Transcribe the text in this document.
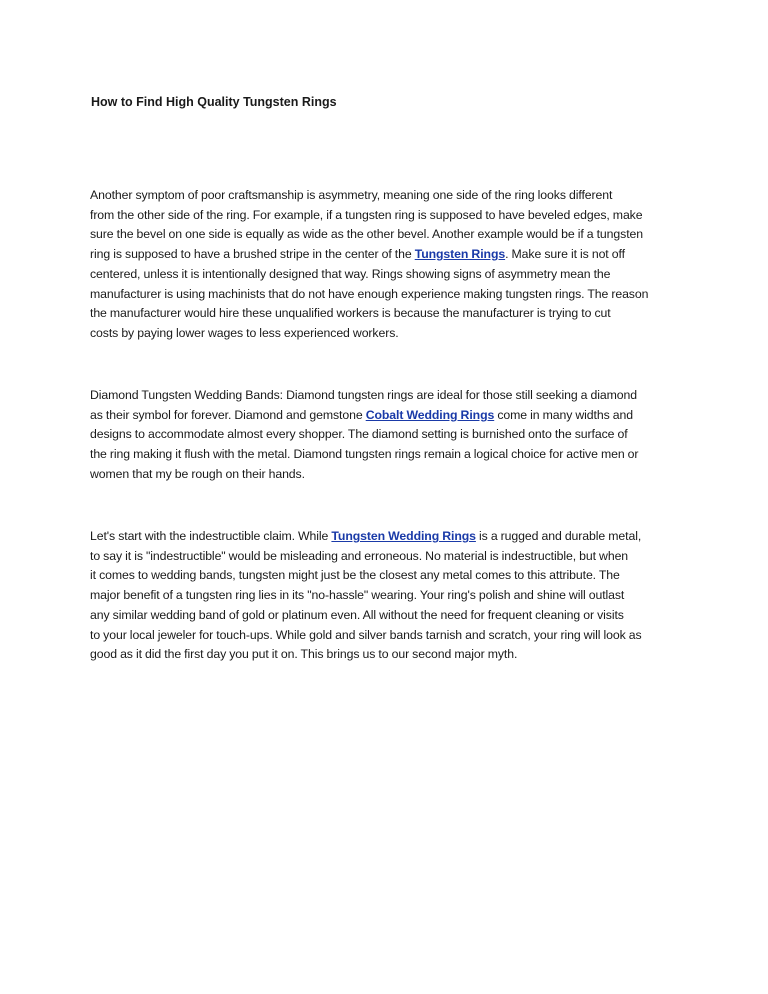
How to Find High Quality Tungsten Rings
Another symptom of poor craftsmanship is asymmetry, meaning one side of the ring looks different
from the other side of the ring. For example, if a tungsten ring is supposed to have beveled edges, make
sure the bevel on one side is equally as wide as the other bevel. Another example would be if a tungsten
ring is supposed to have a brushed stripe in the center of the Tungsten Rings. Make sure it is not off
centered, unless it is intentionally designed that way. Rings showing signs of asymmetry mean the
manufacturer is using machinists that do not have enough experience making tungsten rings. The reason
the manufacturer would hire these unqualified workers is because the manufacturer is trying to cut
costs by paying lower wages to less experienced workers.
Diamond Tungsten Wedding Bands: Diamond tungsten rings are ideal for those still seeking a diamond
as their symbol for forever. Diamond and gemstone Cobalt Wedding Rings come in many widths and
designs to accommodate almost every shopper. The diamond setting is burnished onto the surface of
the ring making it flush with the metal. Diamond tungsten rings remain a logical choice for active men or
women that my be rough on their hands.
Let's start with the indestructible claim. While Tungsten Wedding Rings is a rugged and durable metal,
to say it is "indestructible" would be misleading and erroneous. No material is indestructible, but when
it comes to wedding bands, tungsten might just be the closest any metal comes to this attribute. The
major benefit of a tungsten ring lies in its "no-hassle" wearing. Your ring's polish and shine will outlast
any similar wedding band of gold or platinum even. All without the need for frequent cleaning or visits
to your local jeweler for touch-ups. While gold and silver bands tarnish and scratch, your ring will look as
good as it did the first day you put it on. This brings us to our second major myth.
